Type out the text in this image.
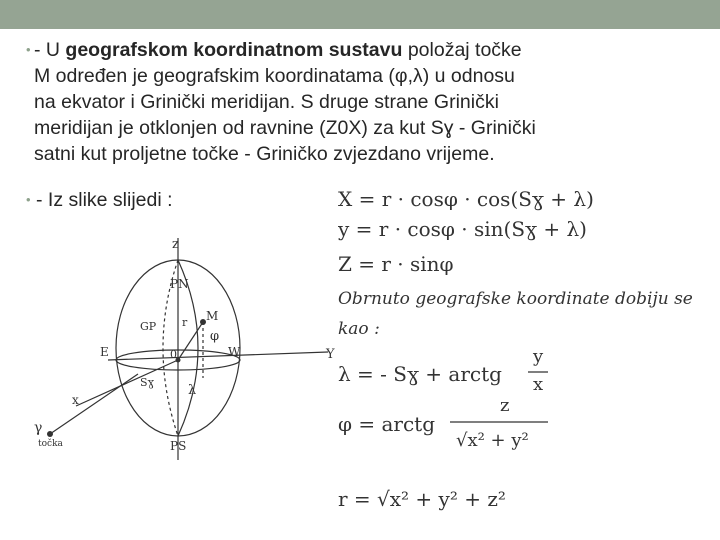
• - U geografskom koordinatnom sustavu položaj točke
M određen je geografskim koordinatama (φ,λ) u odnosu
na ekvator i Grinički meridijan. S druge strane Grinički
meridijan je otklonjen od ravnine (Z0X) za kut Sɣ - Grinički
satni kut proljetne točke - Griničko zvjezdano vrijeme.
• - Iz slike slijedi :
z
PN
PS
Y
x
E	W
0
M
φ
λ
GP r
Sɣ
γ
točka
X = r · cosφ · cos(Sɣ + λ)
y = r · cosφ · sin(Sɣ + λ)
Z = r · sinφ
Obrnuto geografske koordinate dobiju se
kao :
λ = - Sɣ + arctg
y
x
φ = arctg
z
√x² + y²
r = √x² + y² + z²
